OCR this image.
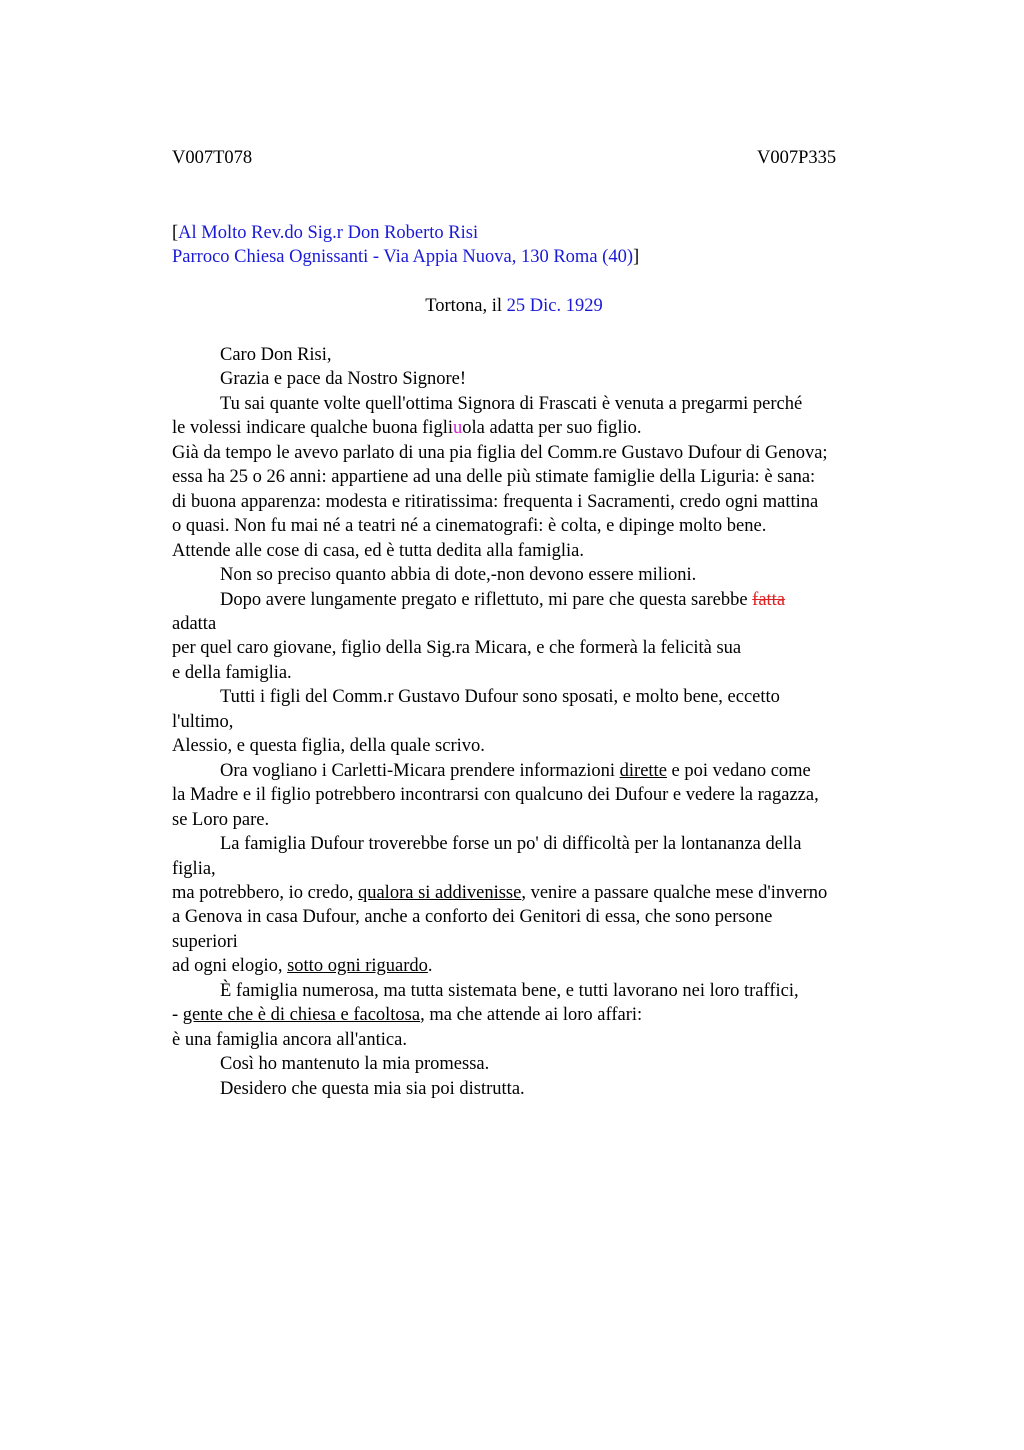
V007T078	V007P335
[Al Molto Rev.do Sig.r Don Roberto Risi
Parroco Chiesa Ognissanti - Via Appia Nuova, 130 Roma (40)]
Tortona, il 25 Dic. 1929
Caro Don Risi,
Grazia e pace da Nostro Signore!
Tu sai quante volte quell'ottima Signora di Frascati è venuta a pregarmi perché
le volessi indicare qualche buona figliuola adatta per suo figlio.
Già da tempo le avevo parlato di una pia figlia del Comm.re Gustavo Dufour di Genova;
essa ha 25 o 26 anni: appartiene ad una delle più stimate famiglie della Liguria: è sana:
di buona apparenza: modesta e ritiratissima: frequenta i Sacramenti, credo ogni mattina
o quasi. Non fu mai né a teatri né a cinematografi: è colta, e dipinge molto bene.
Attende alle cose di casa, ed è tutta dedita alla famiglia.
Non so preciso quanto abbia di dote,-non devono essere milioni.
Dopo avere lungamente pregato e riflettuto, mi pare che questa sarebbe fatta
adatta
per quel caro giovane, figlio della Sig.ra Micara, e che formerà la felicità sua
e della famiglia.
Tutti i figli del Comm.r Gustavo Dufour sono sposati, e molto bene, eccetto
l'ultimo,
Alessio, e questa figlia, della quale scrivo.
Ora vogliano i Carletti-Micara prendere informazioni dirette e poi vedano come
la Madre e il figlio potrebbero incontrarsi con qualcuno dei Dufour e vedere la ragazza,
se Loro pare.
La famiglia Dufour troverebbe forse un po' di difficoltà per la lontananza della
figlia,
ma potrebbero, io credo, qualora si addivenisse, venire a passare qualche mese d'inverno
a Genova in casa Dufour, anche a conforto dei Genitori di essa, che sono persone
superiori
ad ogni elogio, sotto ogni riguardo.
È famiglia numerosa, ma tutta sistemata bene, e tutti lavorano nei loro traffici,
- gente che è di chiesa e facoltosa, ma che attende ai loro affari:
è una famiglia ancora all'antica.
Così ho mantenuto la mia promessa.
Desidero che questa mia sia poi distrutta.
